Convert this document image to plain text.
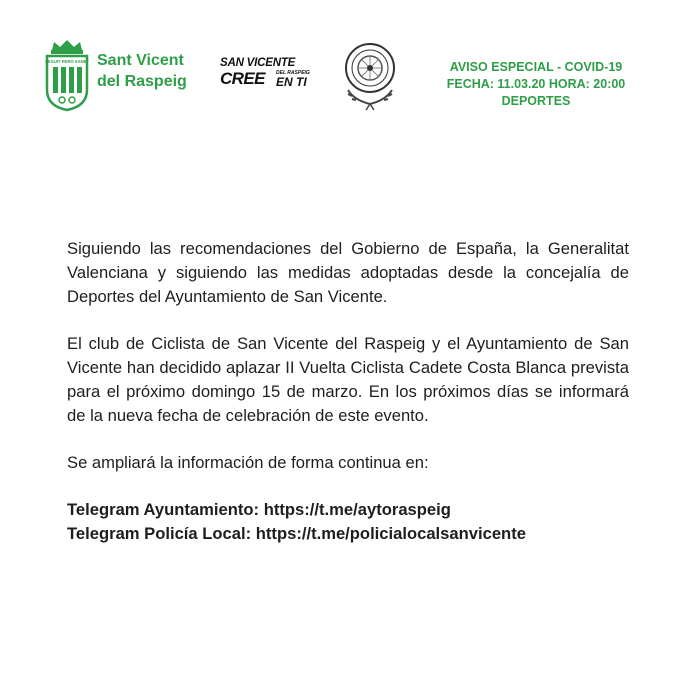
SEGUIT PERÒ SANET Sant Vicent
del Raspeig
SAN VICENTE
CREE DEL RASPEIG
EN TI
AVISO ESPECIAL - COVID-19
FECHA: 11.03.20 HORA: 20:00
DEPORTES

Siguiendo las recomendaciones del Gobierno de España, la Generalitat Valenciana y siguiendo las medidas adoptadas desde la concejalía de Deportes del Ayuntamiento de San Vicente.

El club de Ciclista de San Vicente del Raspeig y el Ayuntamiento de San Vicente han decidido aplazar II Vuelta Ciclista Cadete Costa Blanca prevista para el próximo domingo 15 de marzo. En los próximos días se informará de la nueva fecha de celebración de este evento.

Se ampliará la información de forma continua en:

Telegram Ayuntamiento: https://t.me/aytoraspeig
Telegram Policía Local: https://t.me/policialocalsanvicente
